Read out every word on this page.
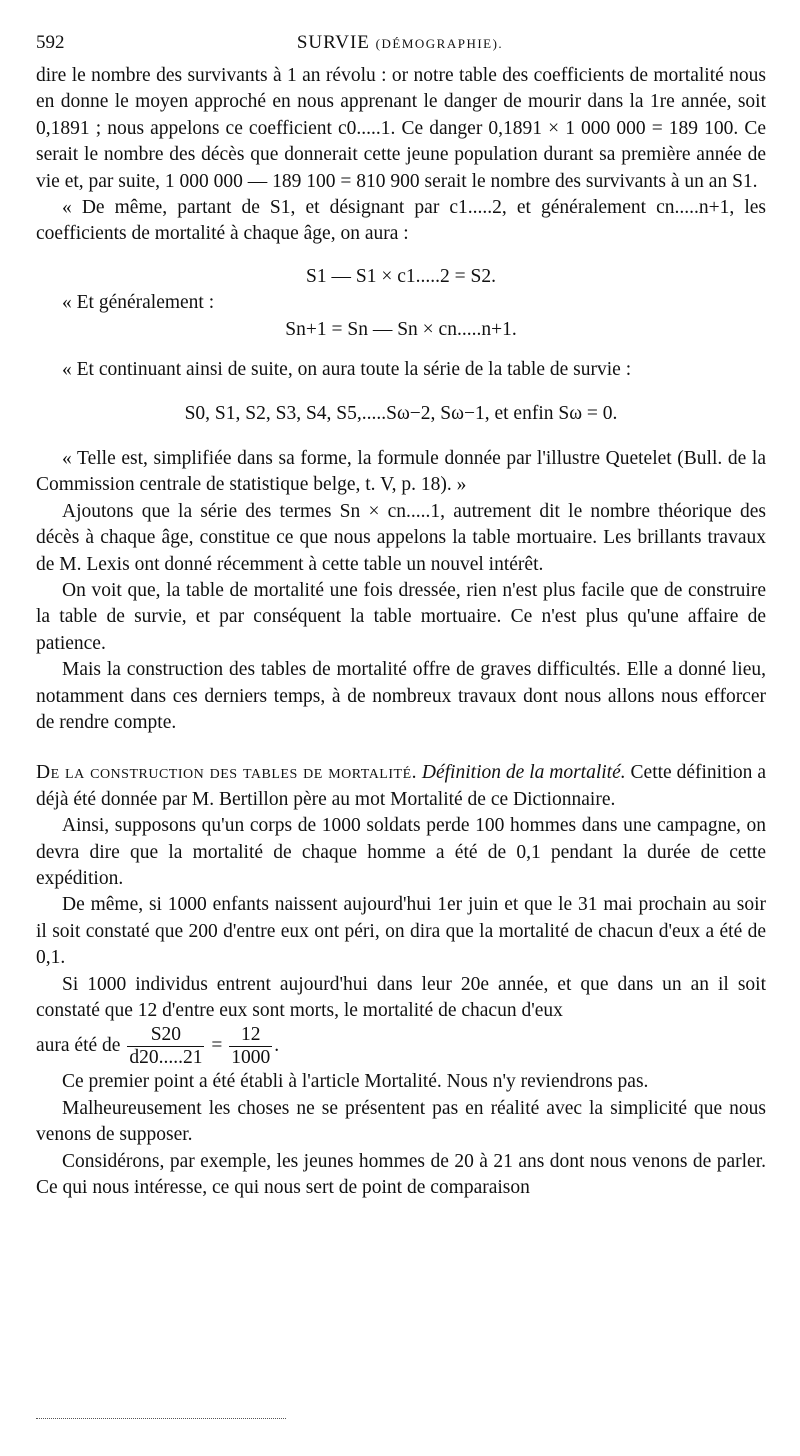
592	SURVIE (DÉMOGRAPHIE).

dire le nombre des survivants à 1 an révolu : or notre table des coefficients de mortalité nous en donne le moyen approché en nous apprenant le danger de mourir dans la 1re année, soit 0,1891 ; nous appelons ce coefficient c0.....1. Ce danger 0,1891 × 1 000 000 = 189 100. Ce serait le nombre des décès que donnerait cette jeune population durant sa première année de vie et, par suite, 1 000 000 — 189 100 = 810 900 serait le nombre des survivants à un an S1.

« De même, partant de S1, et désignant par c1.....2, et généralement cn.....n+1, les coefficients de mortalité à chaque âge, on aura :

S1 — S1 × c1.....2 = S2.

« Et généralement :

Sn+1 = Sn — Sn × cn.....n+1.

« Et continuant ainsi de suite, on aura toute la série de la table de survie :

S0, S1, S2, S3, S4, S5,.....Sω−2, Sω−1, et enfin Sω = 0.

« Telle est, simplifiée dans sa forme, la formule donnée par l'illustre Quetelet (Bull. de la Commission centrale de statistique belge, t. V, p. 18). »

Ajoutons que la série des termes Sn × cn.....1, autrement dit le nombre théorique des décès à chaque âge, constitue ce que nous appelons la table mortuaire. Les brillants travaux de M. Lexis ont donné récemment à cette table un nouvel intérêt.

On voit que, la table de mortalité une fois dressée, rien n'est plus facile que de construire la table de survie, et par conséquent la table mortuaire. Ce n'est plus qu'une affaire de patience.

Mais la construction des tables de mortalité offre de graves difficultés. Elle a donné lieu, notamment dans ces derniers temps, à de nombreux travaux dont nous allons nous efforcer de rendre compte.

De la construction des tables de mortalité. Définition de la mortalité. Cette définition a déjà été donnée par M. Bertillon père au mot Mortalité de ce Dictionnaire.

Ainsi, supposons qu'un corps de 1000 soldats perde 100 hommes dans une campagne, on devra dire que la mortalité de chaque homme a été de 0,1 pendant la durée de cette expédition.

De même, si 1000 enfants naissent aujourd'hui 1er juin et que le 31 mai prochain au soir il soit constaté que 200 d'entre eux ont péri, on dira que la mortalité de chacun d'eux a été de 0,1.

Si 1000 individus entrent aujourd'hui dans leur 20e année, et que dans un an il soit constaté que 12 d'entre eux sont morts, le mortalité de chacun d'eux

aura été de $\frac{S20}{d20.....21} = \frac{12}{1000}$ .

Ce premier point a été établi à l'article Mortalité. Nous n'y reviendrons pas.

Malheureusement les choses ne se présentent pas en réalité avec la simplicité que nous venons de supposer.

Considérons, par exemple, les jeunes hommes de 20 à 21 ans dont nous venons de parler. Ce qui nous intéresse, ce qui nous sert de point de comparaison
